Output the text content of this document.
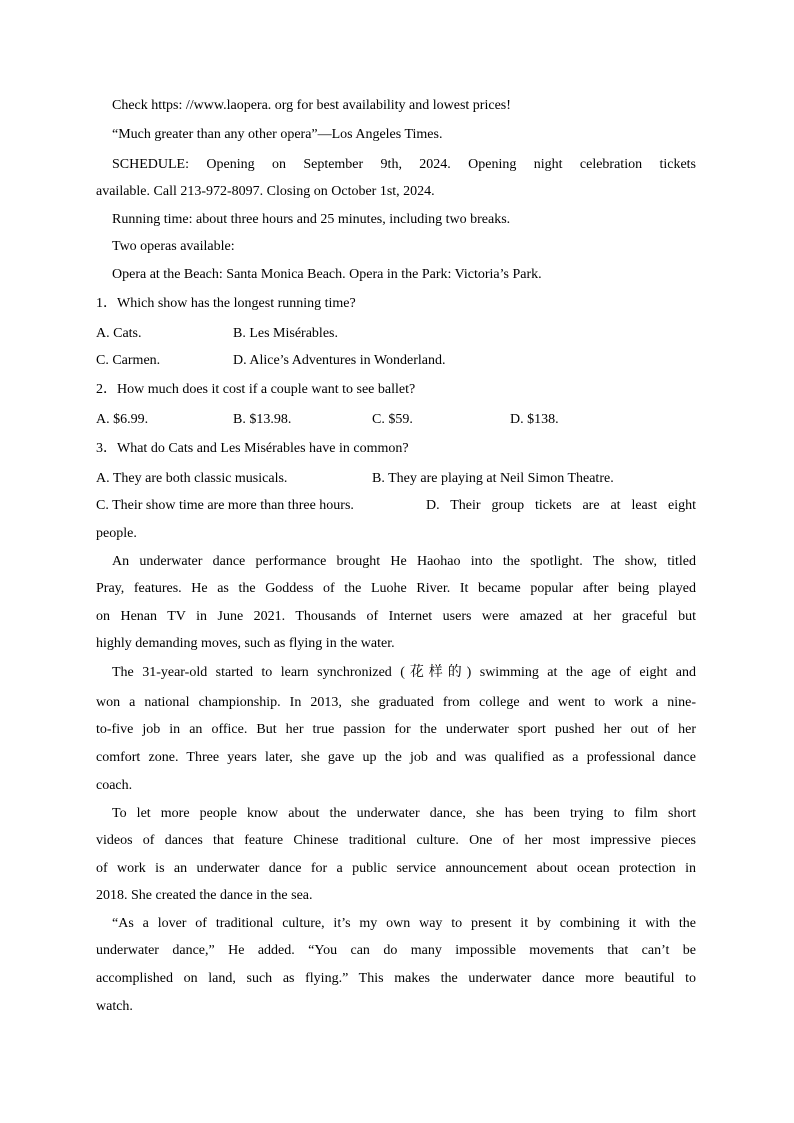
Check https: //www.laopera. org for best availability and lowest prices!
“Much greater than any other opera”—Los Angeles Times.
SCHEDULE: Opening on September 9th, 2024. Opening night celebration tickets
available. Call 213-972-8097. Closing on October 1st, 2024.
Running time: about three hours and 25 minutes, including two breaks.
Two operas available:
Opera at the Beach: Santa Monica Beach. Opera in the Park: Victoria’s Park.
1．Which show has the longest running time?
A. Cats.	B. Les Misérables.
C. Carmen.	D. Alice’s Adventures in Wonderland.
2．How much does it cost if a couple want to see ballet?
A. $6.99.	B. $13.98.	C. $59.	D. $138.
3．What do Cats and Les Misérables have in common?
A. They are both classic musicals.	B. They are playing at Neil Simon Theatre.
C. Their show time are more than three hours.	D. Their group tickets are at least eight
people.
An underwater dance performance brought He Haohao into the spotlight. The show, titled
Pray, features. He as the Goddess of the Luohe River. It became popular after being played
on Henan TV in June 2021. Thousands of Internet users were amazed at her graceful but
highly demanding moves, such as flying in the water.
The 31-year-old started to learn synchronized (花样的) swimming at the age of eight and
won a national championship. In 2013, she graduated from college and went to work a nine-
to-five job in an office. But her true passion for the underwater sport pushed her out of her
comfort zone. Three years later, she gave up the job and was qualified as a professional dance
coach.
To let more people know about the underwater dance, she has been trying to film short
videos of dances that feature Chinese traditional culture. One of her most impressive pieces
of work is an underwater dance for a public service announcement about ocean protection in
2018. She created the dance in the sea.
“As a lover of traditional culture, it’s my own way to present it by combining it with the
underwater dance,” He added. “You can do many impossible movements that can’t be
accomplished on land, such as flying.” This makes the underwater dance more beautiful to
watch.
